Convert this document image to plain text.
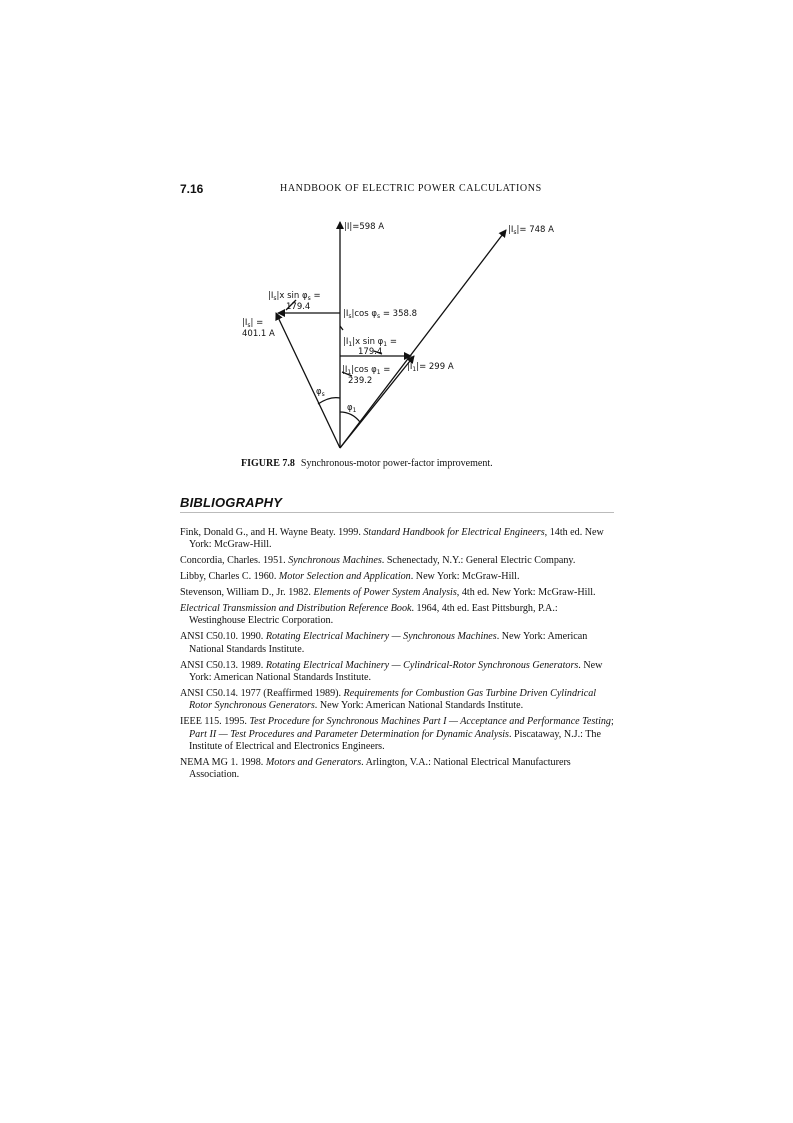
7.16	HANDBOOK OF ELECTRIC POWER CALCULATIONS
|I|=598 A	$|I_s|= 748$ A
$|I_s|x$ $\sin \varphi_s$ =
179.4
$|I_s|$ =
401.1 A
$|I_s|\cos$ $\varphi_s = 358.8$
$|I_1|x$ $\sin \varphi_1$ =
179.4
$|I_1|= 299$ A
$|I_1|\cos$ $\varphi_1$ =
239.2
$\varphi_s$
$\varphi_1$
FIGURE 7.8 Synchronous-motor power-factor improvement.
BIBLIOGRAPHY
Fink, Donald G., and H. Wayne Beaty. 1999. Standard Handbook for Electrical Engineers, 14th ed. New York: McGraw-Hill.
Concordia, Charles. 1951. Synchronous Machines. Schenectady, N.Y.: General Electric Company.
Libby, Charles C. 1960. Motor Selection and Application. New York: McGraw-Hill.
Stevenson, William D., Jr. 1982. Elements of Power System Analysis, 4th ed. New York: McGraw-Hill.
Electrical Transmission and Distribution Reference Book. 1964, 4th ed. East Pittsburgh, P.A.: Westinghouse Electric Corporation.
ANSI C50.10. 1990. Rotating Electrical Machinery — Synchronous Machines. New York: American National Standards Institute.
ANSI C50.13. 1989. Rotating Electrical Machinery — Cylindrical-Rotor Synchronous Generators. New York: American National Standards Institute.
ANSI C50.14. 1977 (Reaffirmed 1989). Requirements for Combustion Gas Turbine Driven Cylindrical Rotor Synchronous Generators. New York: American National Standards Institute.
IEEE 115. 1995. Test Procedure for Synchronous Machines Part I — Acceptance and Performance Testing; Part II — Test Procedures and Parameter Determination for Dynamic Analysis. Piscataway, N.J.: The Institute of Electrical and Electronics Engineers.
NEMA MG 1. 1998. Motors and Generators. Arlington, V.A.: National Electrical Manufacturers Association.
